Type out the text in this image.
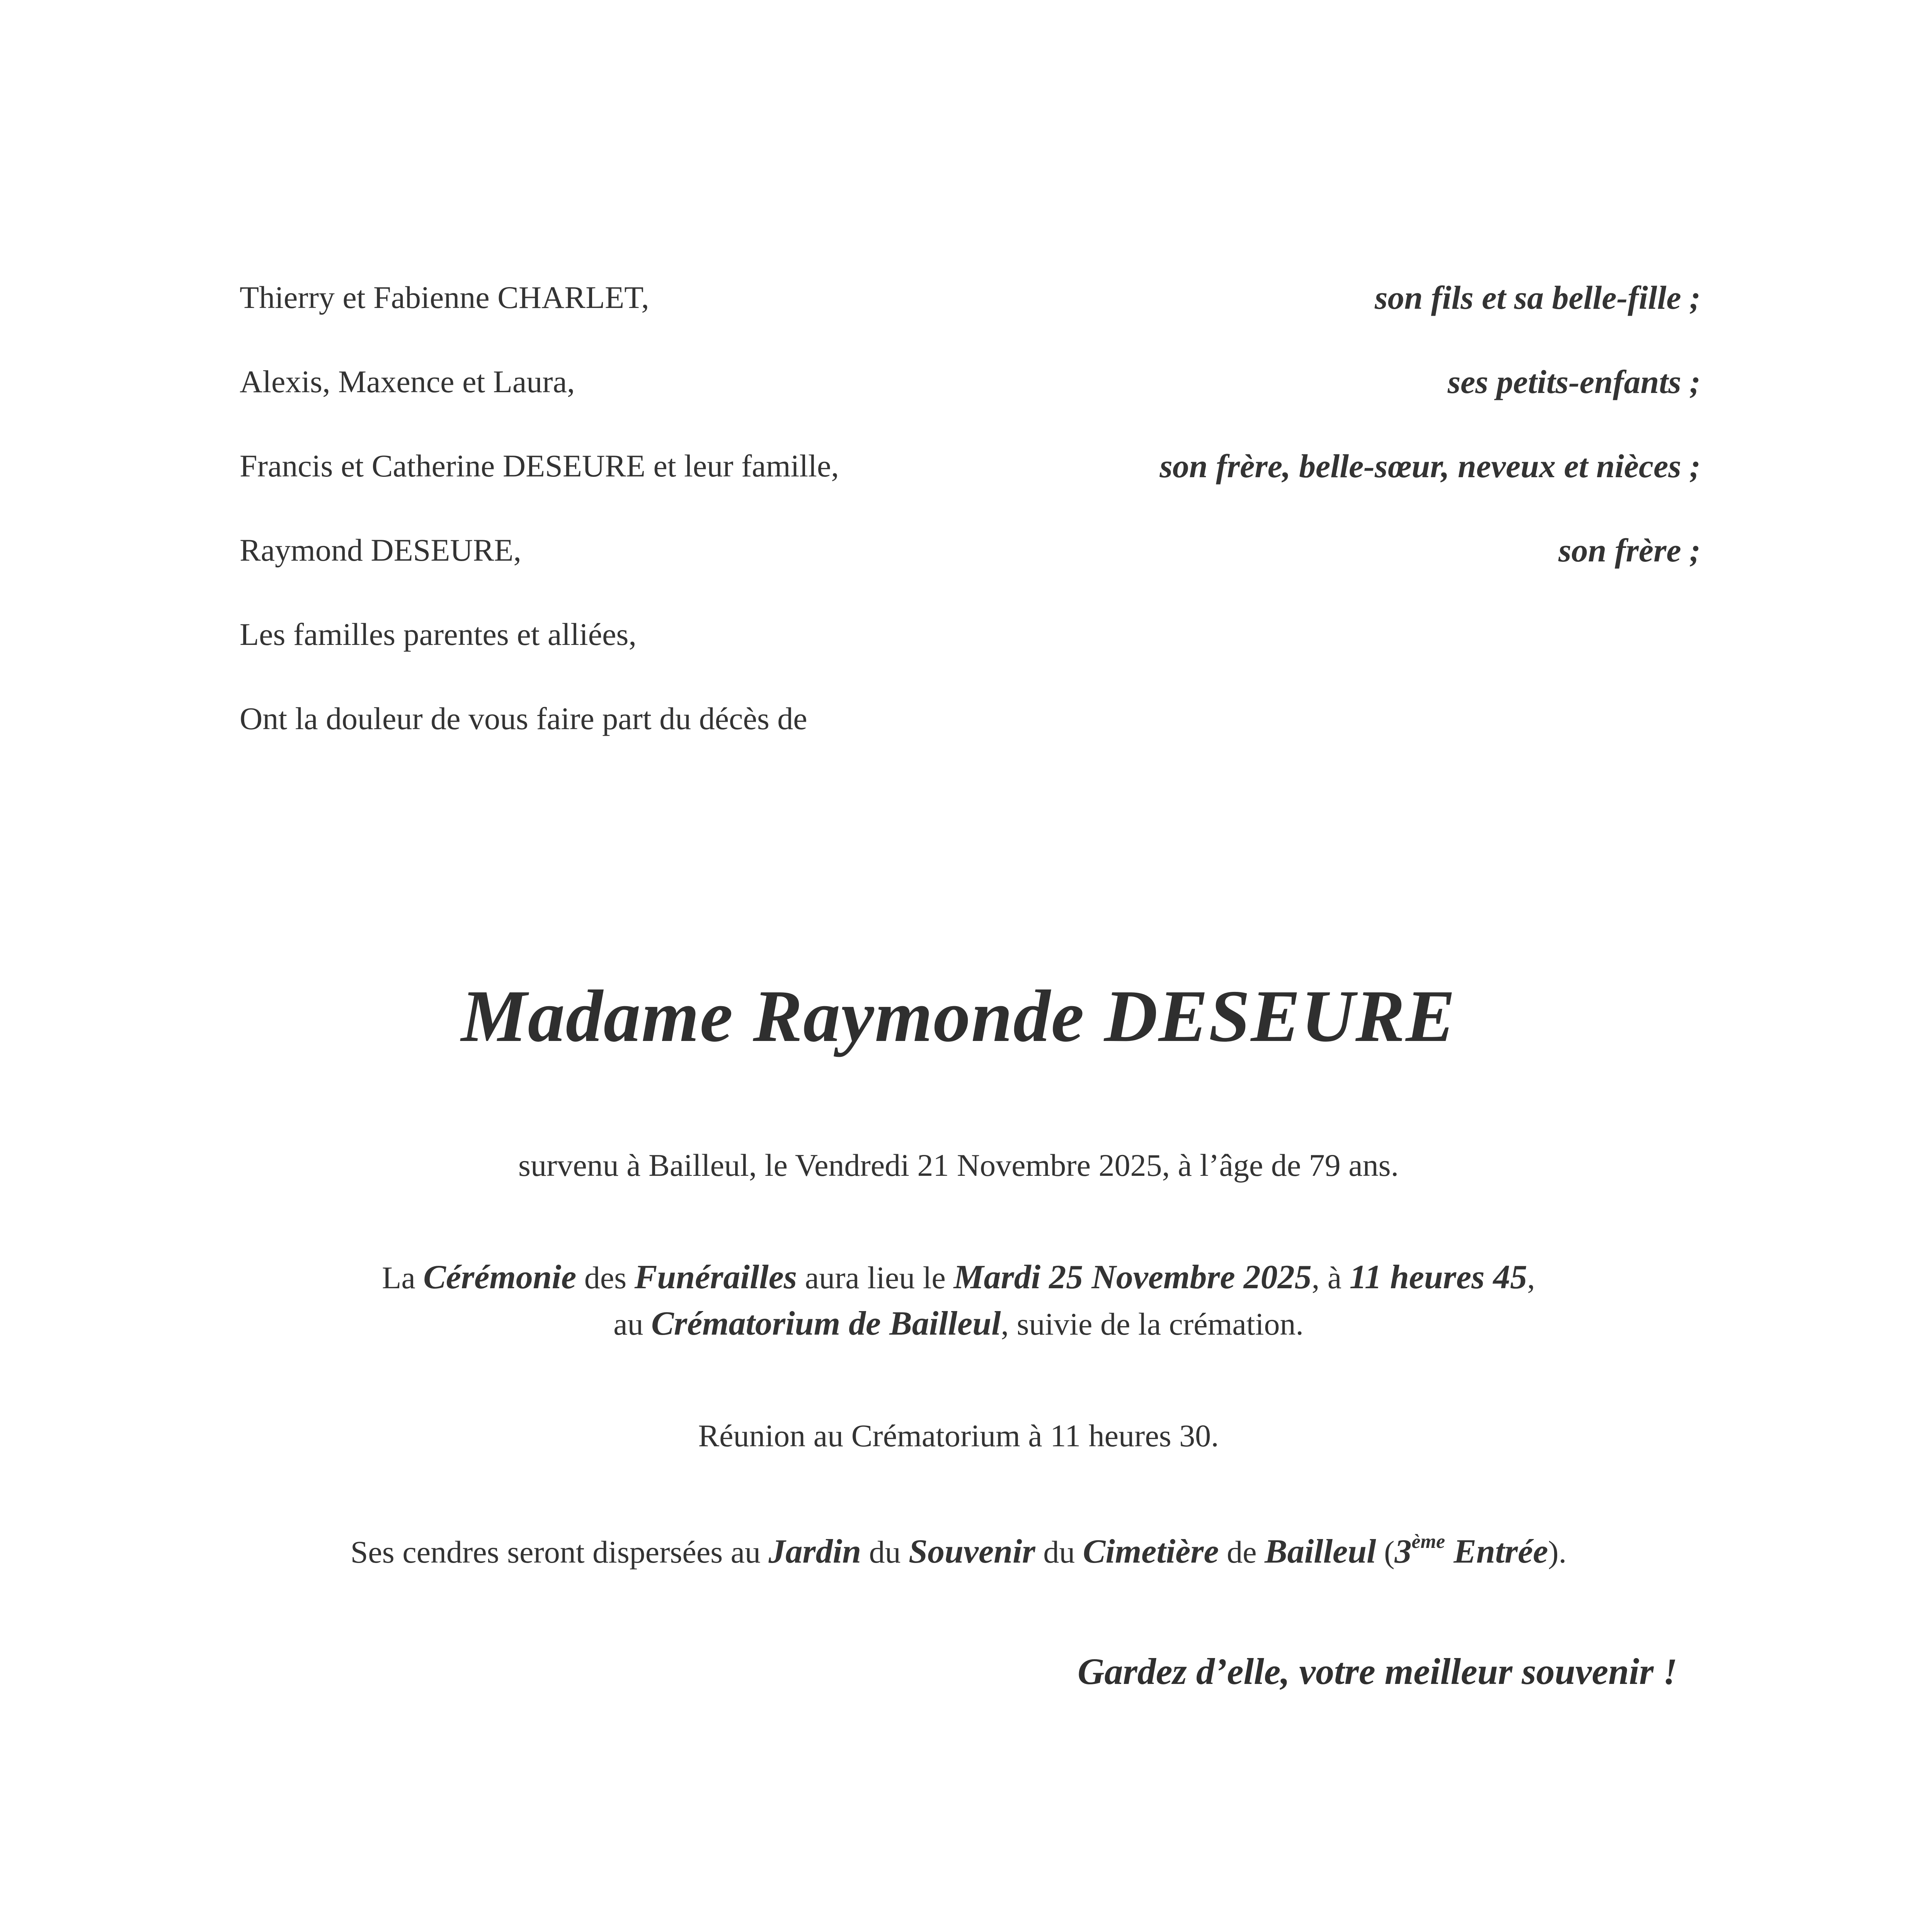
Thierry et Fabienne CHARLET,	son fils et sa belle-fille ;
Alexis, Maxence et Laura,	ses petits-enfants ;
Francis et Catherine DESEURE et leur famille,	son frère, belle-sœur, neveux et nièces ;
Raymond DESEURE,	son frère ;
Les familles parentes et alliées,
Ont la douleur de vous faire part du décès de
Madame Raymonde DESEURE
survenu à Bailleul, le Vendredi 21 Novembre 2025, à l’âge de 79 ans.
La Cérémonie des Funérailles aura lieu le Mardi 25 Novembre 2025, à 11 heures 45,
au Crématorium de Bailleul, suivie de la crémation.
Réunion au Crématorium à 11 heures 30.
Ses cendres seront dispersées au Jardin du Souvenir du Cimetière de Bailleul (3ème Entrée).
Gardez d’elle, votre meilleur souvenir !
